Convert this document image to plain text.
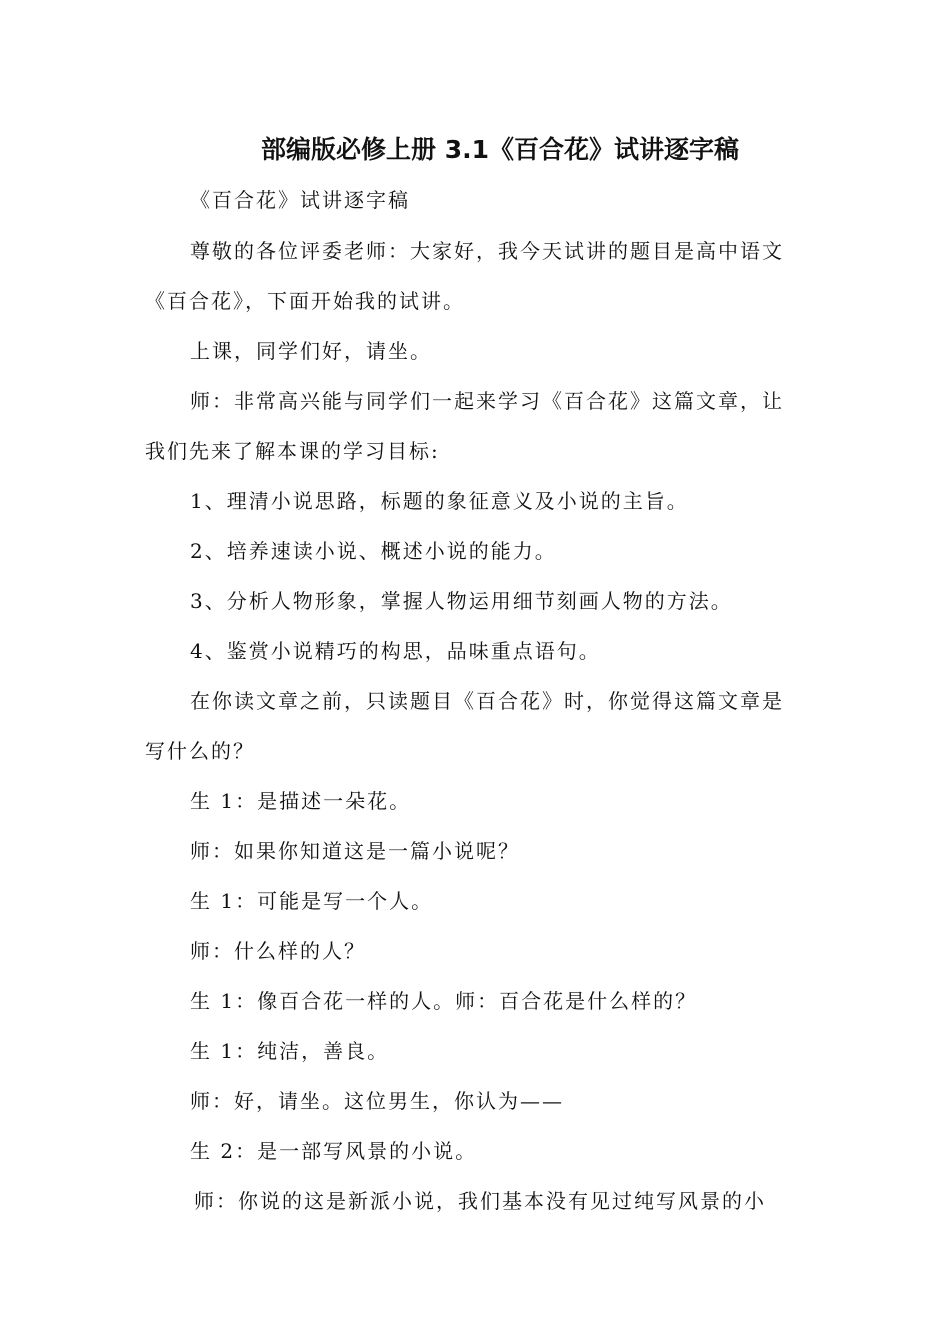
部编版必修上册 3.1《百合花》试讲逐字稿
《百合花》试讲逐字稿
尊敬的各位评委老师：大家好，我今天试讲的题目是高中语文
《百合花》，下面开始我的试讲。
上课，同学们好，请坐。
师：非常高兴能与同学们一起来学习《百合花》这篇文章，让
我们先来了解本课的学习目标:
1、理清小说思路，标题的象征意义及小说的主旨。
2、培养速读小说、概述小说的能力。
3、分析人物形象，掌握人物运用细节刻画人物的方法。
4、鉴赏小说精巧的构思，品味重点语句。
在你读文章之前，只读题目《百合花》时，你觉得这篇文章是
写什么的？
生 1：是描述一朵花。
师：如果你知道这是一篇小说呢？
生 1：可能是写一个人。
师：什么样的人？
生 1：像百合花一样的人。师：百合花是什么样的？
生 1：纯洁，善良。
师：好，请坐。这位男生，你认为——
生 2：是一部写风景的小说。
师：你说的这是新派小说，我们基本没有见过纯写风景的小
